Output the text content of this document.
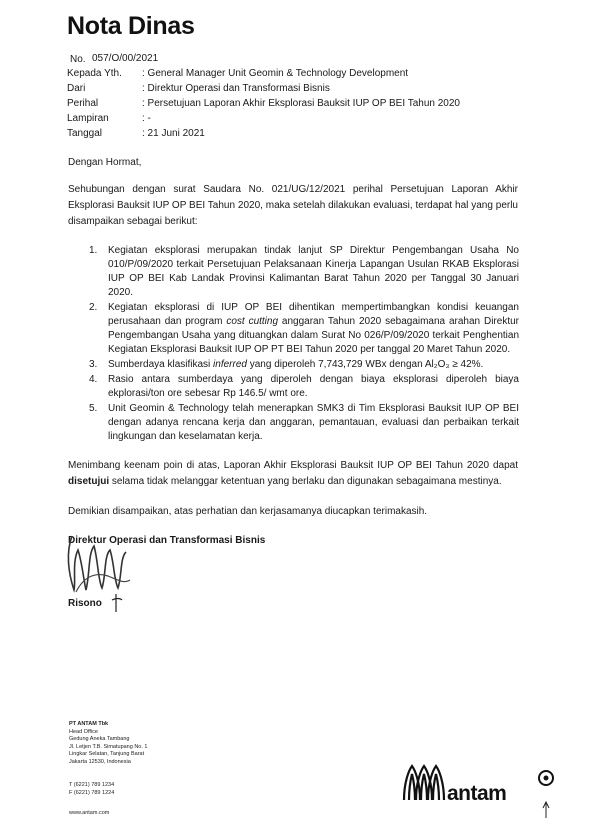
Nota Dinas
No. 057/O/00/2021
Kepada Yth. : General Manager Unit Geomin & Technology Development
Dari	: Direktur Operasi dan Transformasi Bisnis
Perihal	: Persetujuan Laporan Akhir Eksplorasi Bauksit IUP OP BEI Tahun 2020
Lampiran	: -
Tanggal	: 21 Juni 2021
Dengan Hormat,
Sehubungan dengan surat Saudara No. 021/UG/12/2021 perihal Persetujuan Laporan Akhir Eksplorasi Bauksit IUP OP BEI Tahun 2020, maka setelah dilakukan evaluasi, terdapat hal yang perlu disampaikan sebagai berikut:
1. Kegiatan eksplorasi merupakan tindak lanjut SP Direktur Pengembangan Usaha No 010/P/09/2020 terkait Persetujuan Pelaksanaan Kinerja Lapangan Usulan RKAB Eksplorasi IUP OP BEI Kab Landak Provinsi Kalimantan Barat Tahun 2020 per Tanggal 30 Januari 2020.
2. Kegiatan eksplorasi di IUP OP BEI dihentikan mempertimbangkan kondisi keuangan perusahaan dan program cost cutting anggaran Tahun 2020 sebagaimana arahan Direktur Pengembangan Usaha yang dituangkan dalam Surat No 026/P/09/2020 terkait Penghentian Kegiatan Eksplorasi Bauksit IUP OP PT BEI Tahun 2020 per tanggal 20 Maret Tahun 2020.
3. Sumberdaya klasifikasi inferred yang diperoleh 7,743,729 WBx dengan Al₂O₃ ≥ 42%.
4. Rasio antara sumberdaya yang diperoleh dengan biaya eksplorasi diperoleh biaya ekplorasi/ton ore sebesar Rp 146.5/ wmt ore.
5. Unit Geomin & Technology telah menerapkan SMK3 di Tim Eksplorasi Bauksit IUP OP BEI dengan adanya rencana kerja dan anggaran, pemantauan, evaluasi dan perbaikan terkait lingkungan dan keselamatan kerja.
Menimbang keenam poin di atas, Laporan Akhir Eksplorasi Bauksit IUP OP BEI Tahun 2020 dapat disetujui selama tidak melanggar ketentuan yang berlaku dan digunakan sebagaimana mestinya.
Demikian disampaikan, atas perhatian dan kerjasamanya diucapkan terimakasih.
Direktur Operasi dan Transformasi Bisnis
Risono
PT ANTAM Tbk
Head Office
Gedung Aneka Tambang
Jl. Letjen T.B. Simatupang No. 1
Lingkar Selatan, Tanjung Barat
Jakarta 12530, Indonesia
T (6221) 789 1234
F (6221) 789 1224
www.antam.com
antam
